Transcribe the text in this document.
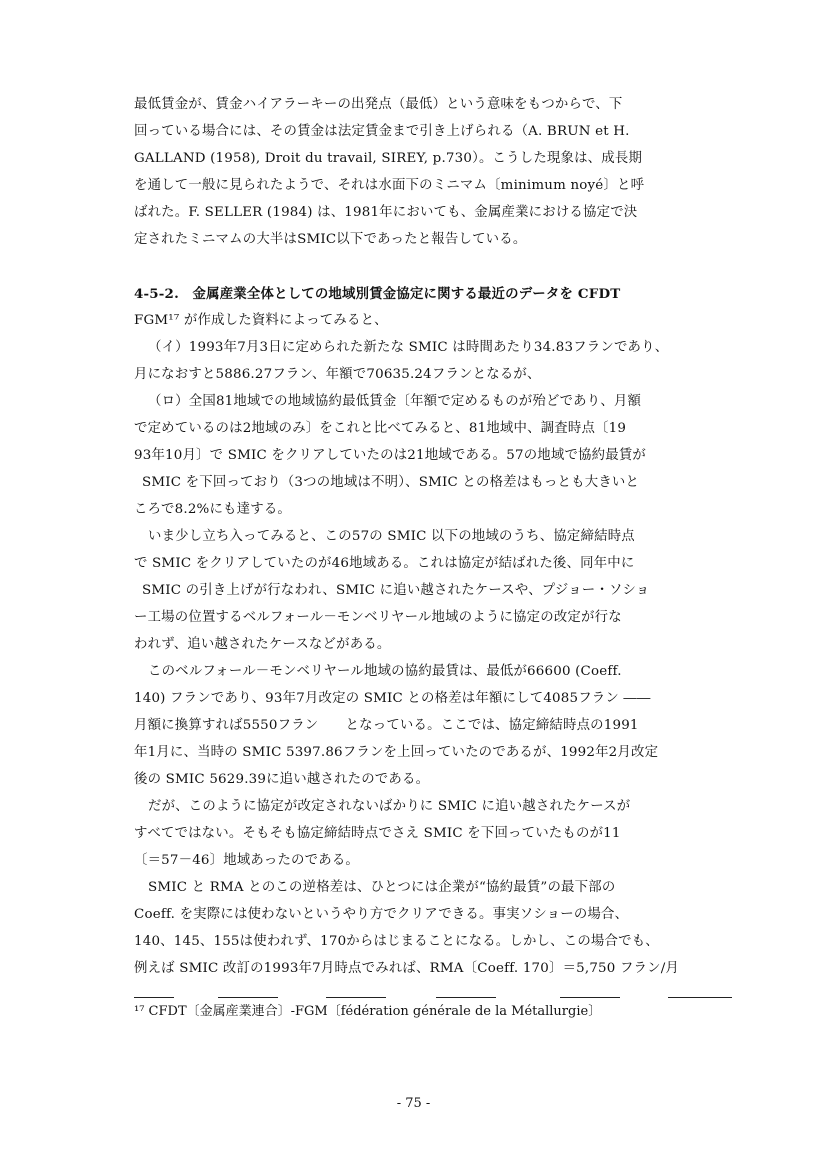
最低賃金が、賃金ハイアラーキーの出発点（最低）という意味をもつからで、下
回っている場合には、その賃金は法定賃金まで引き上げられる（A. BRUN et H.
GALLAND (1958), Droit du travail, SIREY, p.730）。こうした現象は、成長期
を通して一般に見られたようで、それは水面下のミニマム〔minimum noyé〕と呼
ばれた。F. SELLER (1984) は、1981年においても、金属産業における協定で決
定されたミニマムの大半はSMIC以下であったと報告している。
4-5-2.　金属産業全体としての地域別賃金協定に関する最近のデータを CFDT
FGM¹⁷ が作成した資料によってみると、
（イ）1993年7月3日に定められた新たな SMIC は時間あたり34.83フランであり、
月になおすと5886.27フラン、年額で70635.24フランとなるが、
（ロ）全国81地域での地域協約最低賃金〔年額で定めるものが殆どであり、月額
で定めているのは2地域のみ〕をこれと比べてみると、81地域中、調査時点〔19
93年10月〕で SMIC をクリアしていたのは21地域である。57の地域で協約最賃が
SMIC を下回っており（3つの地域は不明）、SMIC との格差はもっとも大きいと
ころで8.2%にも達する。
いま少し立ち入ってみると、この57の SMIC 以下の地域のうち、協定締結時点
で SMIC をクリアしていたのが46地域ある。これは協定が結ばれた後、同年中に
SMIC の引き上げが行なわれ、SMIC に追い越されたケースや、プジョー・ソショ
ー工場の位置するベルフォール－モンベリヤール地域のように協定の改定が行な
われず、追い越されたケースなどがある。
このベルフォール－モンベリヤール地域の協約最賃は、最低が66600 (Coeff.
140) フランであり、93年7月改定の SMIC との格差は年額にして4085フラン ――
月額に換算すれば5550フラン　　となっている。ここでは、協定締結時点の1991
年1月に、当時の SMIC 5397.86フランを上回っていたのであるが、1992年2月改定
後の SMIC 5629.39に追い越されたのである。
だが、このように協定が改定されないばかりに SMIC に追い越されたケースが
すべてではない。そもそも協定締結時点でさえ SMIC を下回っていたものが11
〔＝57－46〕地域あったのである。
SMIC と RMA とのこの逆格差は、ひとつには企業が“協約最賃”の最下部の
Coeff. を実際には使わないというやり方でクリアできる。事実ソショーの場合、
140、145、155は使われず、170からはじまることになる。しかし、この場合でも、
例えば SMIC 改訂の1993年7月時点でみれば、RMA〔Coeff. 170〕＝5,750 フラン/月
¹⁷ CFDT〔金属産業連合〕-FGM〔fédération générale de la Métallurgie〕
- 75 -
